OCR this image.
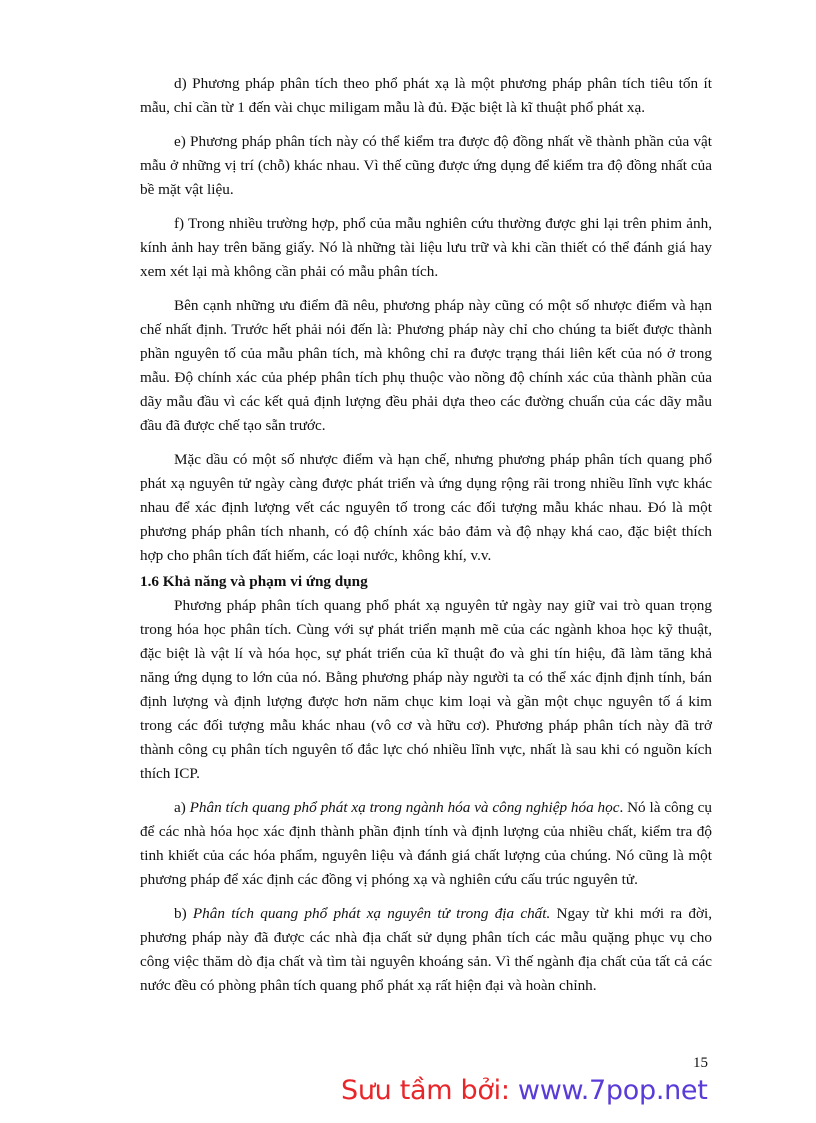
d) Phương pháp phân tích theo phổ phát xạ là một phương pháp phân tích tiêu tốn ít mẫu, chỉ cần từ 1 đến vài chục miligam mẫu là đủ. Đặc biệt là kĩ thuật phổ phát xạ.

e) Phương pháp phân tích này có thể kiểm tra được độ đồng nhất về thành phần của vật mẫu ở những vị trí (chỗ) khác nhau. Vì thế cũng được ứng dụng để kiểm tra độ đồng nhất của bề mặt vật liệu.

f) Trong nhiều trường hợp, phổ của mẫu nghiên cứu thường được ghi lại trên phim ảnh, kính ảnh hay trên băng giấy. Nó là những tài liệu lưu trữ và khi cần thiết có thể đánh giá hay xem xét lại mà không cần phải có mẫu phân tích.

Bên cạnh những ưu điểm đã nêu, phương pháp này cũng có một số nhược điểm và hạn chế nhất định. Trước hết phải nói đến là: Phương pháp này chỉ cho chúng ta biết được thành phần nguyên tố của mẫu phân tích, mà không chỉ ra được trạng thái liên kết của nó ở trong mẫu. Độ chính xác của phép phân tích phụ thuộc vào nồng độ chính xác của thành phần của dãy mẫu đầu vì các kết quả định lượng đều phải dựa theo các đường chuẩn của các dãy mẫu đầu đã được chế tạo sẵn trước.

Mặc dầu có một số nhược điểm và hạn chế, nhưng phương pháp phân tích quang phổ phát xạ nguyên tử ngày càng được phát triển và ứng dụng rộng rãi trong nhiều lĩnh vực khác nhau để xác định lượng vết các nguyên tố trong các đối tượng mẫu khác nhau. Đó là một phương pháp phân tích nhanh, có độ chính xác bảo đảm và độ nhạy khá cao, đặc biệt thích hợp cho phân tích đất hiếm, các loại nước, không khí, v.v.

1.6 Khả năng và phạm vi ứng dụng

Phương pháp phân tích quang phổ phát xạ nguyên tử ngày nay giữ vai trò quan trọng trong hóa học phân tích. Cùng với sự phát triển mạnh mẽ của các ngành khoa học kỹ thuật, đặc biệt là vật lí và hóa học, sự phát triển của kĩ thuật đo và ghi tín hiệu, đã làm tăng khả năng ứng dụng to lớn của nó. Bằng phương pháp này người ta có thể xác định định tính, bán định lượng và định lượng được hơn năm chục kim loại và gần một chục nguyên tố á kim trong các đối tượng mẫu khác nhau (vô cơ và hữu cơ). Phương pháp phân tích này đã trở thành công cụ phân tích nguyên tố đắc lực chó nhiều lĩnh vực, nhất là sau khi có nguồn kích thích ICP.

a) Phân tích quang phổ phát xạ trong ngành hóa và công nghiệp hóa học. Nó là công cụ để các nhà hóa học xác định thành phần định tính và định lượng của nhiều chất, kiểm tra độ tinh khiết của các hóa phẩm, nguyên liệu và đánh giá chất lượng của chúng. Nó cũng là một phương pháp để xác định các đồng vị phóng xạ và nghiên cứu cấu trúc nguyên tử.

b) Phân tích quang phổ phát xạ nguyên tử trong địa chất. Ngay từ khi mới ra đời, phương pháp này đã được các nhà địa chất sử dụng phân tích các mẫu quặng phục vụ cho công việc thăm dò địa chất và tìm tài nguyên khoáng sản. Vì thế ngành địa chất của tất cả các nước đều có phòng phân tích quang phổ phát xạ rất hiện đại và hoàn chỉnh.

15
Sưu tầm bởi: www.7pop.net
